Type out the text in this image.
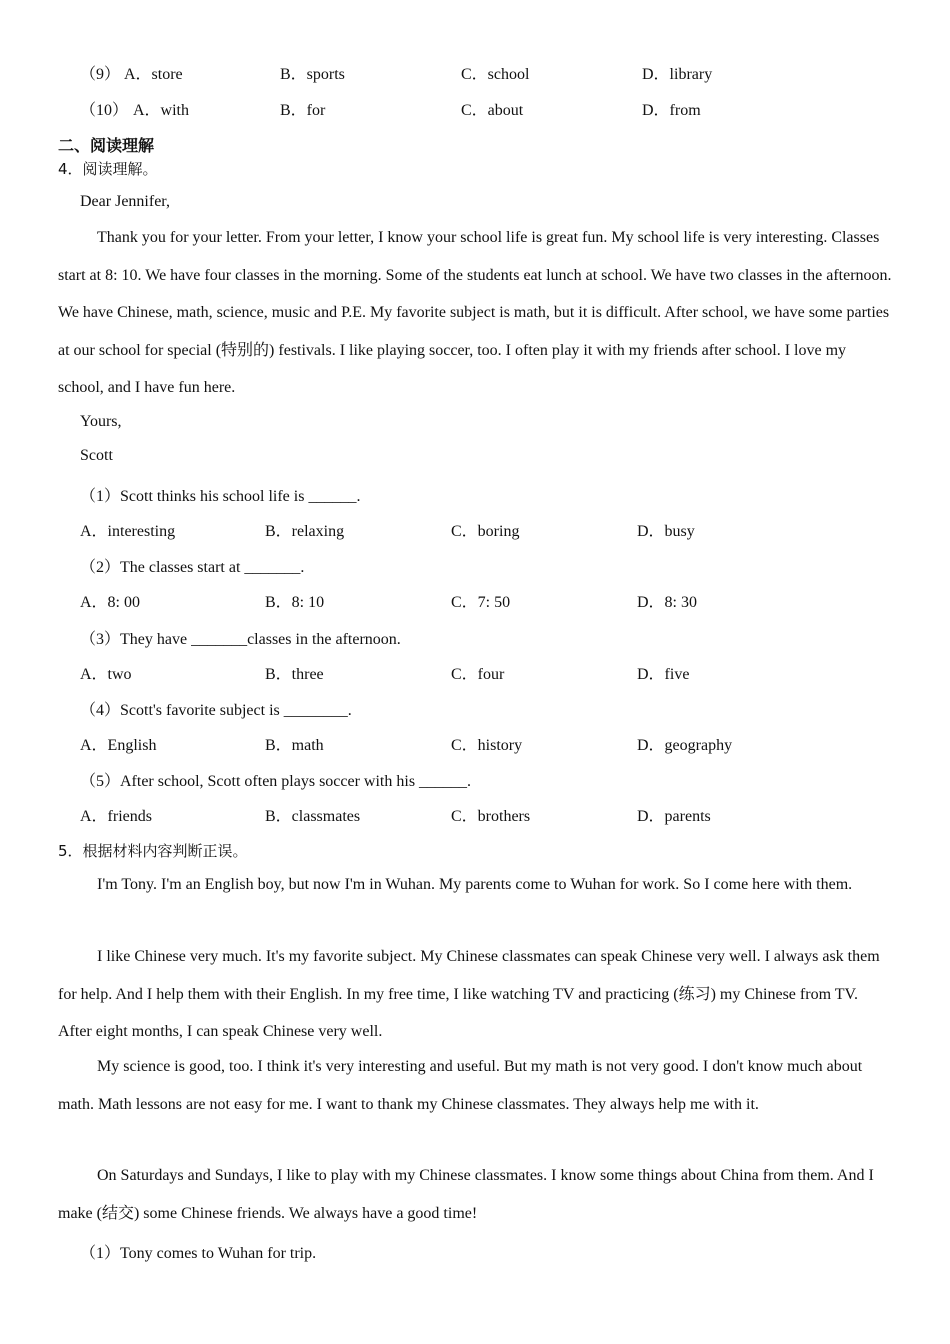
（9） A．store	B．sports	C．school	D．library
（10） A．with	B．for	C．about	D．from
二、阅读理解
4．阅读理解。
Dear Jennifer,
Thank you for your letter. From your letter, I know your school life is great fun. My school life is very interesting. Classes start at 8: 10. We have four classes in the morning. Some of the students eat lunch at school. We have two classes in the afternoon. We have Chinese, math, science, music and P.E. My favorite subject is math, but it is difficult. After school, we have some parties at our school for special (特别的) festivals. I like playing soccer, too. I often play it with my friends after school. I love my school, and I have fun here.
Yours,
Scott
（1）Scott thinks his school life is ______.
A．interesting	B．relaxing	C．boring	D．busy
（2）The classes start at _______.
A．8: 00	B．8: 10	C．7: 50	D．8: 30
（3）They have _______classes in the afternoon.
A．two	B．three	C．four	D．five
（4）Scott's favorite subject is ________.
A．English	B．math	C．history	D．geography
（5）After school, Scott often plays soccer with his ______.
A．friends	B．classmates	C．brothers	D．parents
5．根据材料内容判断正误。
I'm Tony. I'm an English boy, but now I'm in Wuhan. My parents come to Wuhan for work. So I come here with them.
I like Chinese very much. It's my favorite subject. My Chinese classmates can speak Chinese very well. I always ask them for help. And I help them with their English. In my free time, I like watching TV and practicing (练习) my Chinese from TV. After eight months, I can speak Chinese very well.
My science is good, too. I think it's very interesting and useful. But my math is not very good. I don't know much about math. Math lessons are not easy for me. I want to thank my Chinese classmates. They always help me with it.
On Saturdays and Sundays, I like to play with my Chinese classmates. I know some things about China from them. And I make (结交) some Chinese friends. We always have a good time!
（1）Tony comes to Wuhan for trip.
